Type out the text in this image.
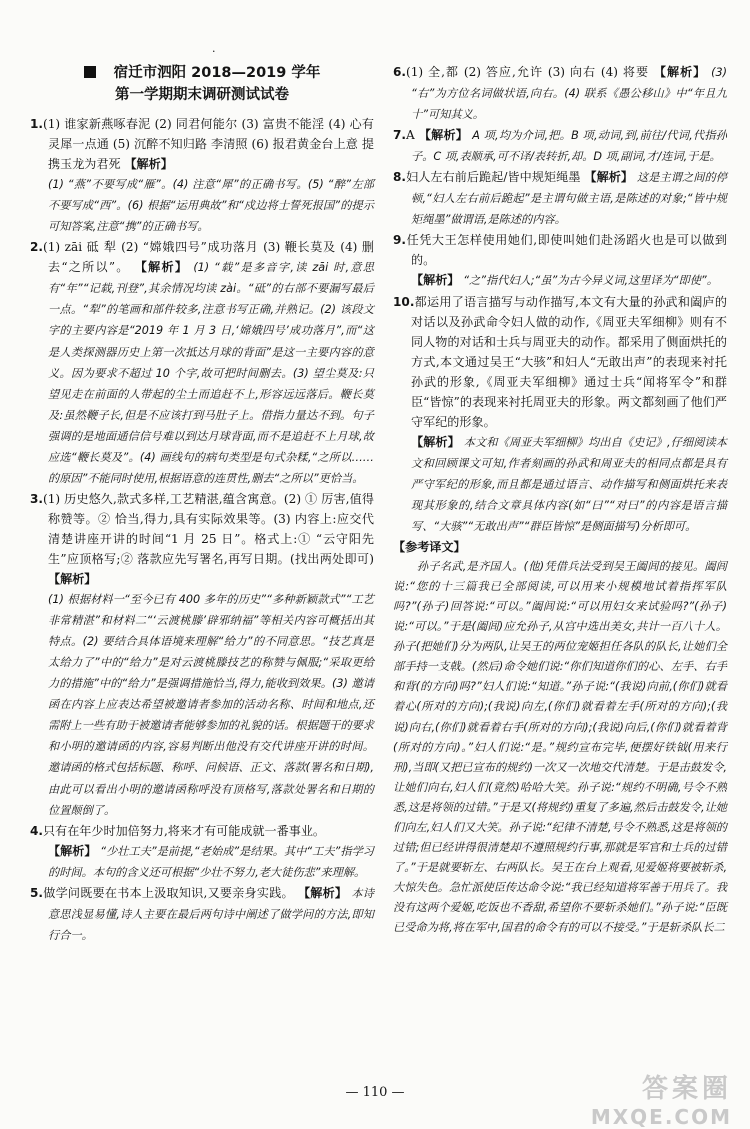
.
宿迁市泗阳 2018—2019 学年
第一学期期末调研测试试卷

1.(1) 谁家新燕啄春泥 (2) 同君何能尔 (3) 富贵不能淫 (4) 心有灵犀一点通 (5) 沉醉不知归路 李清照 (6) 报君黄金台上意 提携玉龙为君死 【解析】
(1) “燕”不要写成“雁”。(4) 注意“犀”的正确书写。(5) “醉”左部不要写成“西”。(6) 根据“运用典故”和“戍边将士誓死报国”的提示可知答案,注意“携”的正确书写。

2.(1) zāi 砥 犁 (2) “嫦娥四号”成功落月 (3) 鞭长莫及 (4) 删去“之所以”。 【解析】 (1) “载”是多音字,读 zāi 时,意思有“年”“记载,刊登”,其余情况均读 zài。“砥”的右部不要漏写最后一点。“犁”的笔画和部件较多,注意书写正确,并熟记。(2) 该段文字的主要内容是“2019 年 1 月 3 日,‘嫦娥四号’成功落月”,而“这是人类探测器历史上第一次抵达月球的背面”是这一主要内容的意义。因为要求不超过 10 个字,故可把时间删去。(3) 望尘莫及:只望见走在前面的人带起的尘土而追赶不上,形容远远落后。鞭长莫及:虽然鞭子长,但是不应该打到马肚子上。借指力量达不到。句子强调的是地面通信信号难以到达月球背面,而不是追赶不上月球,故应选“鞭长莫及”。(4) 画线句的病句类型是句式杂糅,“之所以……的原因”不能同时使用,根据语意的连贯性,删去“之所以”更恰当。

3.(1) 历史悠久,款式多样,工艺精湛,蕴含寓意。(2) ① 厉害,值得称赞等。② 恰当,得力,具有实际效果等。(3) 内容上:应交代清楚讲座开讲的时间“1 月 25 日”。格式上:① “云守阳先生”应顶格写;② 落款应先写署名,再写日期。(找出两处即可) 【解析】
(1) 根据材料一“至今已有 400 多年的历史”“多种新颖款式”“工艺非常精湛”和材料二“‘云渡桃滕’辟邪纳福”等相关内容可概括出其特点。(2) 要结合具体语境来理解“给力”的不同意思。“技艺真是太给力了”中的“给力”是对云渡桃滕技艺的称赞与佩服;“采取更给力的措施”中的“给力”是强调措施恰当,得力,能收到效果。(3) 邀请函在内容上应表达希望被邀请者参加的活动名称、时间和地点,还需附上一些有助于被邀请者能够参加的礼貌的话。根据题干的要求和小明的邀请函的内容,容易判断出他没有交代讲座开讲的时间。邀请函的格式包括标题、称呼、问候语、正文、落款(署名和日期),由此可以看出小明的邀请函称呼没有顶格写,落款处署名和日期的位置颠倒了。

4.只有在年少时加倍努力,将来才有可能成就一番事业。
【解析】 “少壮工夫”是前提,“老始成”是结果。其中“工夫”指学习的时间。本句的含义还可根据“少壮不努力,老大徒伤悲”来理解。

5.做学问既要在书本上汲取知识,又要亲身实践。 【解析】 本诗意思浅显易懂,诗人主要在最后两句诗中阐述了做学问的方法,即知行合一。

6.(1) 全,都 (2) 答应,允许 (3) 向右 (4) 将要 【解析】 (3) “右”为方位名词做状语,向右。(4) 联系《愚公移山》中“年且九十”可知其义。

7.A 【解析】 A 项,均为介词,把。B 项,动词,到,前往/代词,代指孙子。C 项,表顺承,可不译/表转折,却。D 项,副词,才/连词,于是。

8.妇人左右前后跪起/皆中规矩绳墨 【解析】 这是主谓之间的停顿,“妇人左右前后跪起”是主谓句做主语,是陈述的对象;“皆中规矩绳墨”做谓语,是陈述的内容。

9.任凭大王怎样使用她们,即使叫她们赴汤蹈火也是可以做到的。
【解析】 “之”指代妇人;“虽”为古今异义词,这里译为“即使”。

10.都运用了语言描写与动作描写,本文有大量的孙武和阖庐的对话以及孙武命令妇人做的动作,《周亚夫军细柳》则有不同人物的对话和士兵与周亚夫的动作。都采用了侧面烘托的方式,本文通过吴王“大骇”和妇人“无敢出声”的表现来衬托孙武的形象,《周亚夫军细柳》通过士兵“闻将军令”和群臣“皆惊”的表现来衬托周亚夫的形象。两文都刻画了他们严守军纪的形象。
【解析】 本文和《周亚夫军细柳》均出自《史记》,仔细阅读本文和回顾课文可知,作者刻画的孙武和周亚夫的相同点都是具有严守军纪的形象,而且都是通过语言、动作描写和侧面烘托来表现其形象的,结合文章具体内容(如“曰”“对曰”的内容是语言描写、“大骇”“无敢出声”“群臣皆惊”是侧面描写)分析即可。

【参考译文】

孙子名武,是齐国人。(他)凭借兵法受到吴王阖闾的接见。阖闾说:“您的十三篇我已全部阅读,可以用来小规模地试着指挥军队吗?”(孙子)回答说:“可以。”阖闾说:“可以用妇女来试验吗?”(孙子)说:“可以。”于是(阖闾)应允孙子,从宫中选出美女,共计一百八十人。孙子(把她们)分为两队,让吴王的两位宠姬担任各队的队长,让她们全部手持一支戟。(然后)命令她们说:“你们知道你们的心、左手、右手和背(的方向)吗?”妇人们说:“知道。”孙子说:“(我说)向前,(你们)就看着心(所对的方向);(我说)向左,(你们)就看着左手(所对的方向);(我说)向右,(你们)就看着右手(所对的方向);(我说)向后,(你们)就看着背(所对的方向)。”妇人们说:“是。”规约宣布完毕,便摆好铁钺(用来行刑),当即(又把已宣布的规约)一次又一次地交代清楚。于是击鼓发令,让她们向右,妇人们(竟然)哈哈大笑。孙子说:“规约不明确,号令不熟悉,这是将领的过错。”于是又(将规约)重复了多遍,然后击鼓发令,让她们向左,妇人们又大笑。孙子说:“纪律不清楚,号令不熟悉,这是将领的过错;但已经讲得很清楚却不遵照规约行事,那就是军官和士兵的过错了。”于是就要斩左、右两队长。吴王在台上观看,见爱姬将要被斩杀,大惊失色。急忙派使臣传达命令说:“我已经知道将军善于用兵了。我没有这两个爱姬,吃饭也不香甜,希望你不要斩杀她们。”孙子说:“臣既已受命为将,将在军中,国君的命令有的可以不接受。”于是斩杀队长二

— 110 —	答案圈
MXQE.COM
